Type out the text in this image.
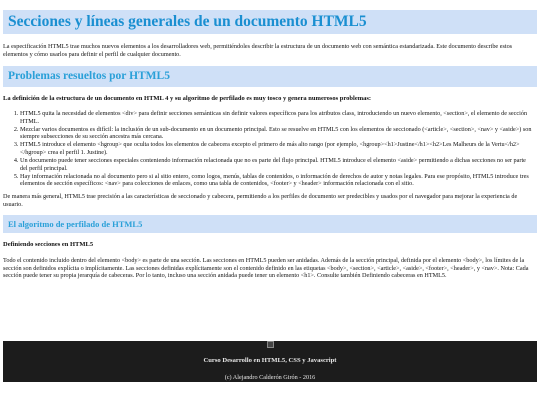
Secciones y líneas generales de un documento HTML5

La especificación HTML5 trae muchos nuevos elementos a los desarrolladores web, permitiéndoles describir la estructura de un documento web con semántica estandarizada. Este documento describe estos elementos y cómo usarlos para definir el perfil de cualquier documento.

Problemas resueltos por HTML5

La definición de la estructura de un documento en HTML 4 y su algoritmo de perfilado es muy tosco y genera numerosos problemas:

1. HTML5 quita la necesidad de elementos <div> para definir secciones semánticas sin definir valores específicos para los atributos class, introduciendo un nuevo elemento, <section>, el elemento de sección HTML.
2. Mezclar varios documentos es difícil: la inclusión de un sub-documento en un documento principal. Esto se resuelve en HTML5 con los elementos de seccionado (<article>, <section>, <nav> y <aside>) son siempre subsecciones de su sección ancestra más cercana.
3. HTML5 introduce el elemento <hgroup> que oculta todos los elementos de cabecera excepto el primero de más alto rango (por ejemplo, <hgroup><h1>Justine</h1><h2>Les Malheurs de la Vertu</h2></hgroup> crea el perfil 1. Justine).
4. Un documento puede tener secciones especiales conteniendo información relacionada que no es parte del flujo principal. HTML5 introduce el elemento <aside> permitiendo a dichas secciones no ser parte del perfil principal.
5. Hay información relacionada no al documento pero si al sitio entero, como logos, menús, tablas de contenidos, o información de derechos de autor y notas legales. Para ese propósito, HTML5 introduce tres elementos de sección específicos: <nav> para colecciones de enlaces, como una tabla de contenidos, <footer> y <header> información relacionada con el sitio.

De manera más general, HTML5 trae precisión a las características de seccionado y cabecera, permitiendo a los perfiles de documento ser predecibles y usados por el navegador para mejorar la experiencia de usuario.

El algoritmo de perfilado de HTML5

Definiendo secciones en HTML5

Todo el contenido incluido dentro del elemento <body> es parte de una sección. Las secciones en HTML5 pueden ser anidadas. Además de la sección principal, definida por el elemento <body>, los límites de la sección son definidos explícita o implícitamente. Las secciones definidas explícitamente son el contenido definido en las etiquetas <body>, <section>, <article>, <aside>, <footer>, <header>, y <nav>. Nota: Cada sección puede tener su propia jerarquía de cabeceras. Por lo tanto, incluso una sección anidada puede tener un elemento <h1>. Consulte también Definiendo cabeceras en HTML5.

Curso Desarrollo en HTML5, CSS y Javascript
(c) Alejandro Calderón Girón - 2016
